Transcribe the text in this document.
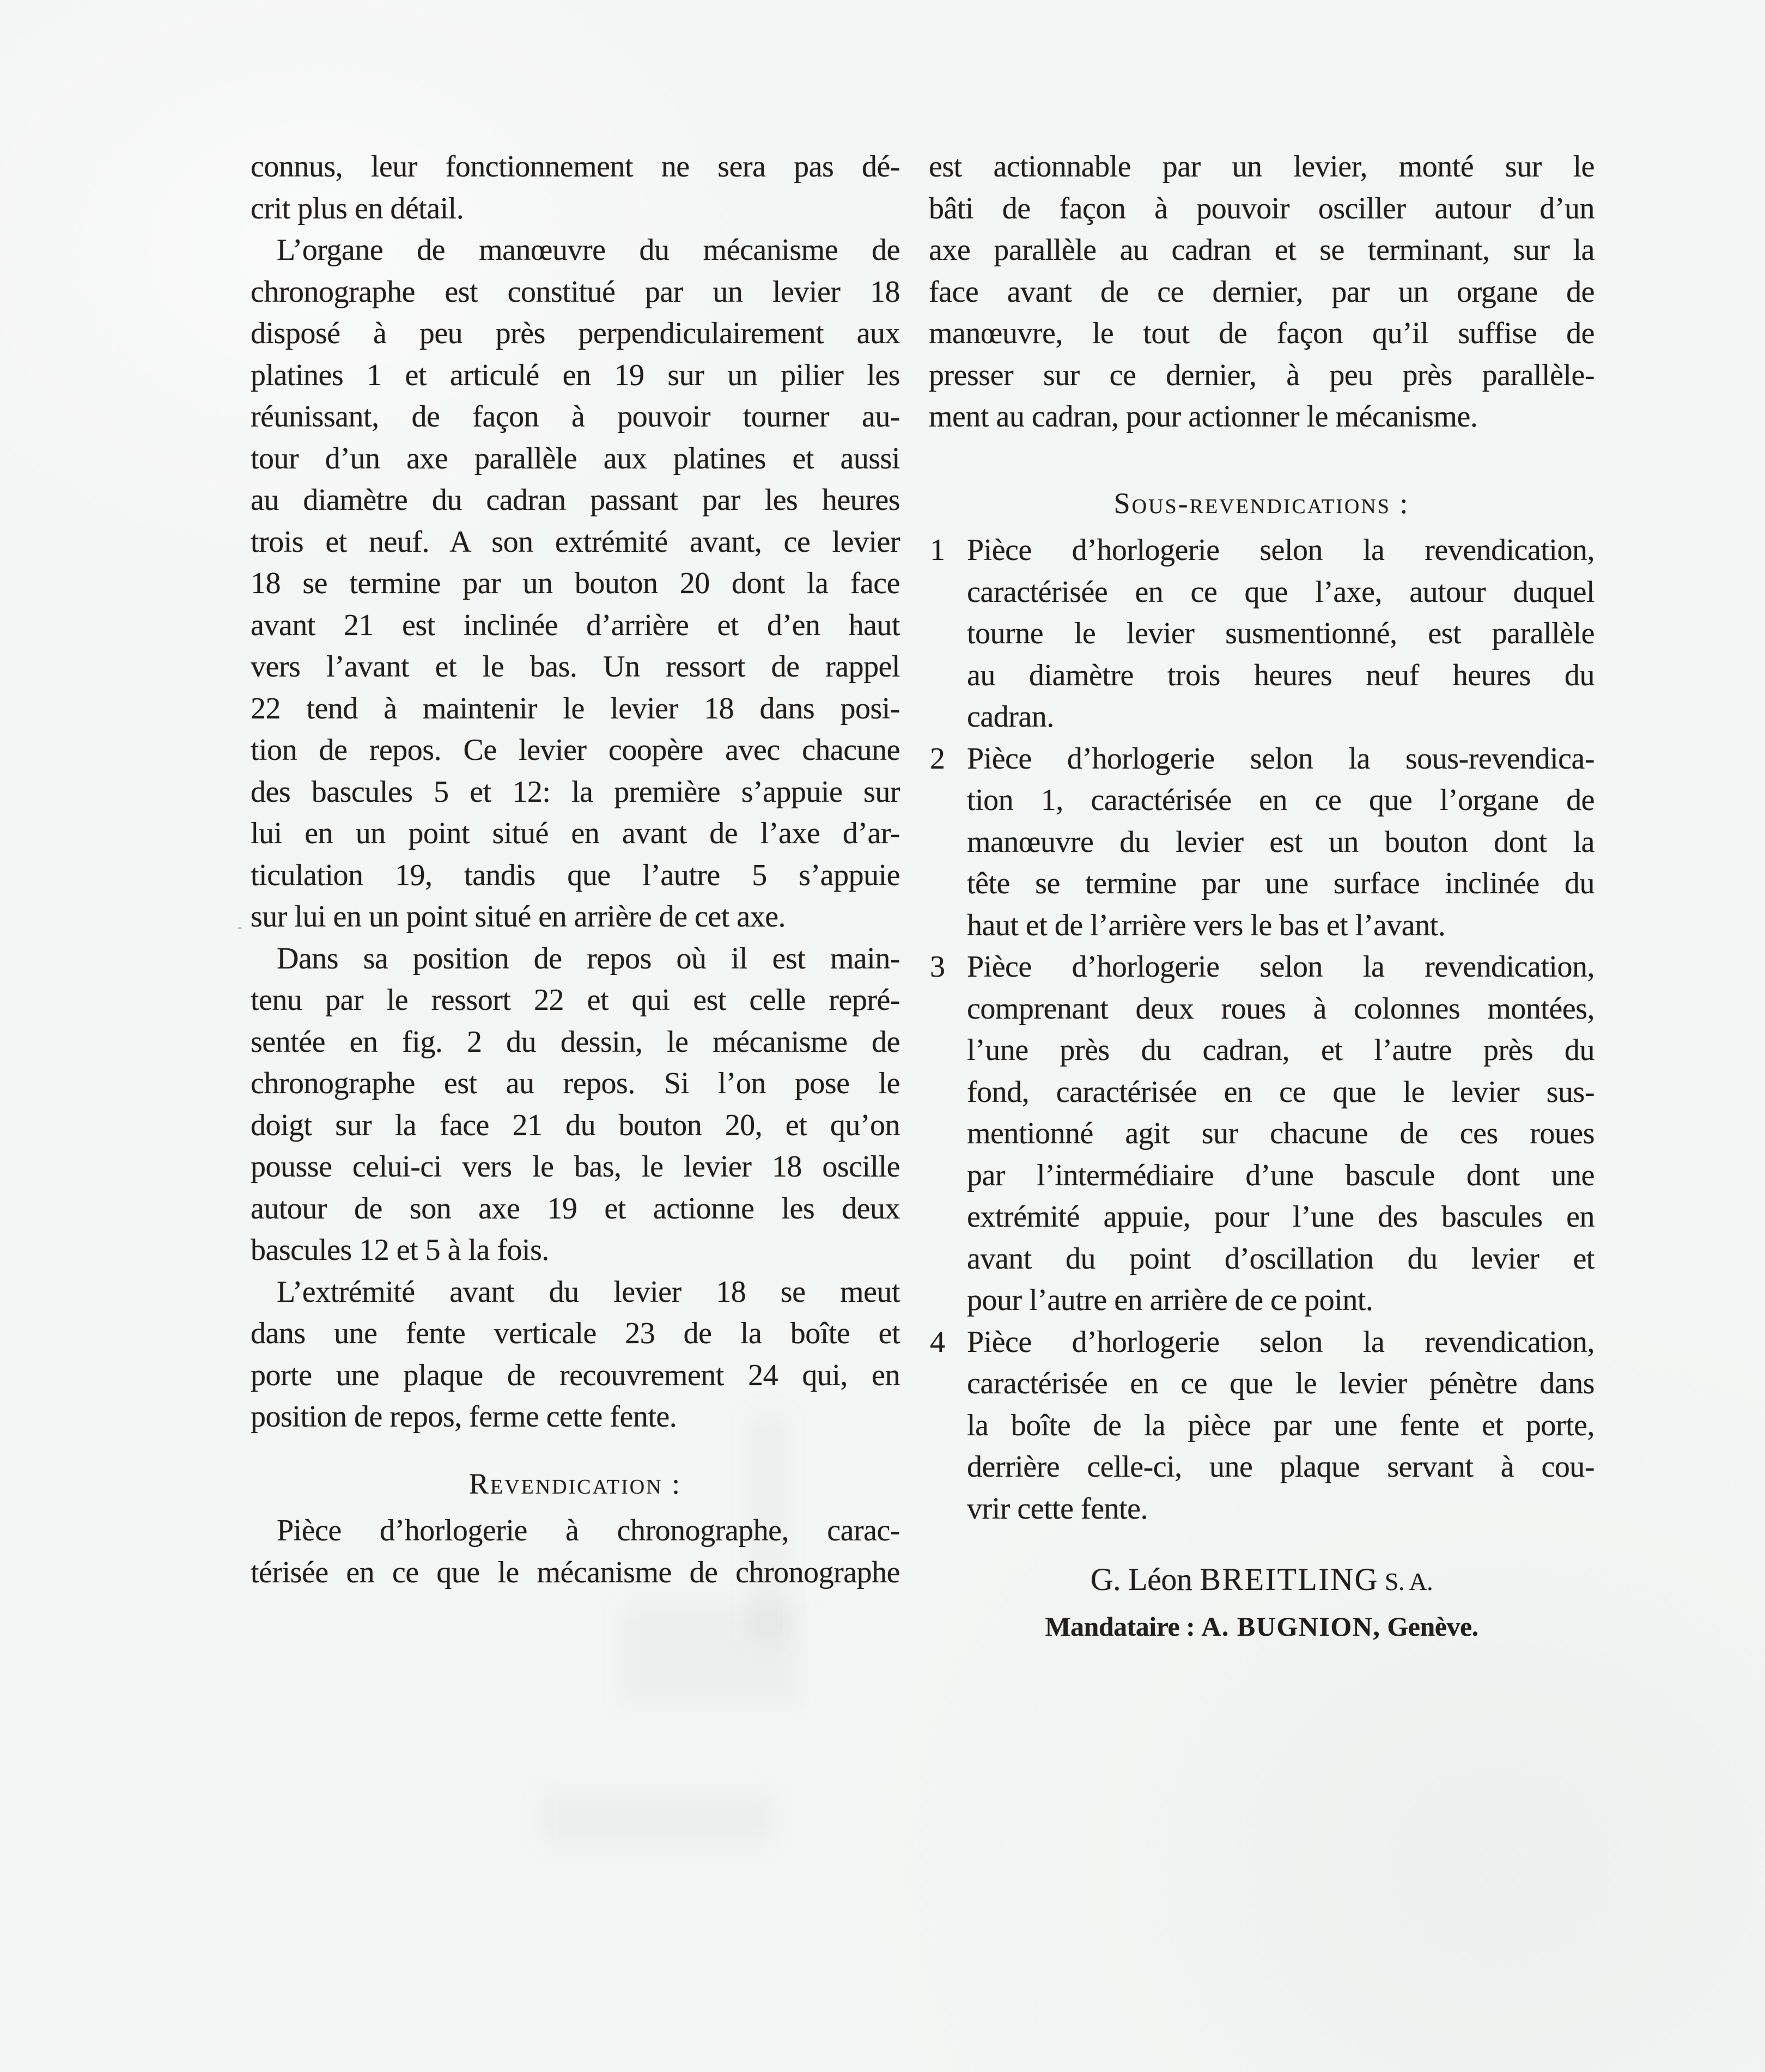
connus, leur fonctionnement ne sera pas dé-
crit plus en détail.
L’organe de manœuvre du mécanisme de
chronographe est constitué par un levier 18
disposé à peu près perpendiculairement aux
platines 1 et articulé en 19 sur un pilier les
réunissant, de façon à pouvoir tourner au-
tour d’un axe parallèle aux platines et aussi
au diamètre du cadran passant par les heures
trois et neuf. A son extrémité avant, ce levier
18 se termine par un bouton 20 dont la face
avant 21 est inclinée d’arrière et d’en haut
vers l’avant et le bas. Un ressort de rappel
22 tend à maintenir le levier 18 dans posi-
tion de repos. Ce levier coopère avec chacune
des bascules 5 et 12: la première s’appuie sur
lui en un point situé en avant de l’axe d’ar-
ticulation 19, tandis que l’autre 5 s’appuie
sur lui en un point situé en arrière de cet axe.
Dans sa position de repos où il est main-
tenu par le ressort 22 et qui est celle repré-
sentée en fig. 2 du dessin, le mécanisme de
chronographe est au repos. Si l’on pose le
doigt sur la face 21 du bouton 20, et qu’on
pousse celui-ci vers le bas, le levier 18 oscille
autour de son axe 19 et actionne les deux
bascules 12 et 5 à la fois.
L’extrémité avant du levier 18 se meut
dans une fente verticale 23 de la boîte et
porte une plaque de recouvrement 24 qui, en
position de repos, ferme cette fente.
Revendication :
Pièce d’horlogerie à chronographe, carac-
térisée en ce que le mécanisme de chronographe
est actionnable par un levier, monté sur le
bâti de façon à pouvoir osciller autour d’un
axe parallèle au cadran et se terminant, sur la
face avant de ce dernier, par un organe de
manœuvre, le tout de façon qu’il suffise de
presser sur ce dernier, à peu près parallèle-
ment au cadran, pour actionner le mécanisme.
Sous-revendications :
1 Pièce d’horlogerie selon la revendication,
caractérisée en ce que l’axe, autour duquel
tourne le levier susmentionné, est parallèle
au diamètre trois heures neuf heures du
cadran.
2 Pièce d’horlogerie selon la sous-revendica-
tion 1, caractérisée en ce que l’organe de
manœuvre du levier est un bouton dont la
tête se termine par une surface inclinée du
haut et de l’arrière vers le bas et l’avant.
3 Pièce d’horlogerie selon la revendication,
comprenant deux roues à colonnes montées,
l’une près du cadran, et l’autre près du
fond, caractérisée en ce que le levier sus-
mentionné agit sur chacune de ces roues
par l’intermédiaire d’une bascule dont une
extrémité appuie, pour l’une des bascules en
avant du point d’oscillation du levier et
pour l’autre en arrière de ce point.
4 Pièce d’horlogerie selon la revendication,
caractérisée en ce que le levier pénètre dans
la boîte de la pièce par une fente et porte,
derrière celle-ci, une plaque servant à cou-
vrir cette fente.
G. Léon BREITLING S. A.
Mandataire : A. BUGNION, Genève.
